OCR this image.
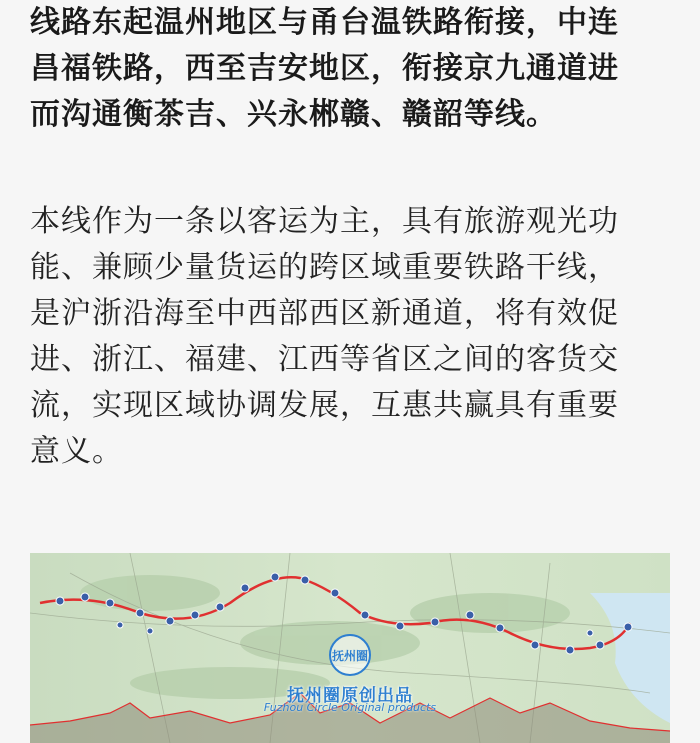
线路东起温州地区与甬台温铁路衔接，中连
昌福铁路，西至吉安地区，衔接京九通道进
而沟通衡茶吉、兴永郴赣、赣韶等线。

本线作为一条以客运为主，具有旅游观光功
能、兼顾少量货运的跨区域重要铁路干线，
是沪浙沿海至中西部西区新通道，将有效促
进、浙江、福建、江西等省区之间的客货交
流，实现区域协调发展，互惠共赢具有重要
意义。

抚州圈
抚州圈原创出品
Fuzhou Circle Original products
